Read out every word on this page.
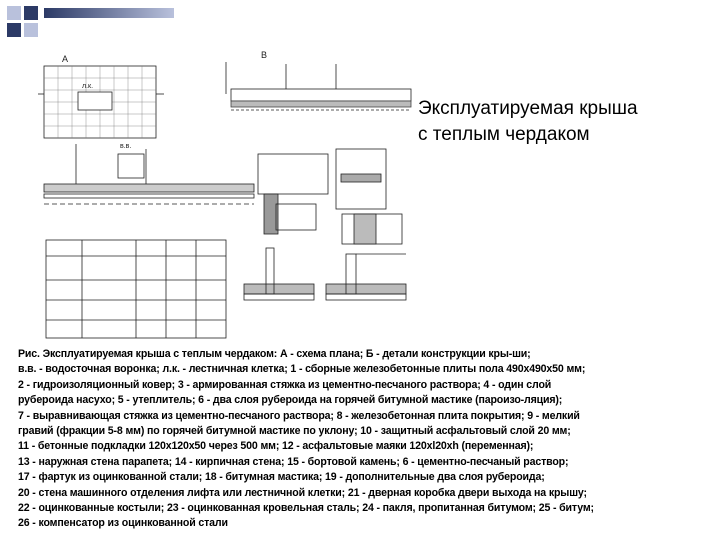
А	В
л.к.
в.в.
Эксплуатируемая крыша
с теплым чердаком
Рис. Эксплуатируемая крыша с теплым чердаком: А - схема плана; Б - детали конструкции кры-ши;
в.в. - водосточная воронка; л.к. - лестничная клетка; 1 - сборные железобетонные плиты пола 490х490х50 мм;
2 - гидроизоляционный ковер; 3 - армированная стяжка из цементно-песчаного раствора; 4 - один слой
рубероида насухо; 5 - утеплитель; 6 - два слоя рубероида на горячей битумной мастике (пароизо-ляция);
7 - выравнивающая стяжка из цементно-песчаного раствора; 8 - железобетонная плита покрытия; 9 - мелкий
гравий (фракции 5-8 мм) по горячей битумной мастике по уклону; 10 - защитный асфальтовый слой 20 мм;
11 - бетонные подкладки 120х120х50 через 500 мм; 12 - асфальтовые маяки 120хl20хh (переменная);
13 - наружная стена парапета; 14 - кирпичная стена; 15 - бортовой камень; 6 - цементно-песчаный раствор;
17 - фартук из оцинкованной стали; 18 - битумная мастика; 19 - дополнительные два слоя рубероида;
20 - стена машинного отделения лифта или лестничной клетки; 21 - дверная коробка двери выхода на крышу;
22 - оцинкованные костыли; 23 - оцинкованная кровельная сталь; 24 - пакля, пропитанная битумом; 25 - битум;
26 - компенсатор из оцинкованной стали
